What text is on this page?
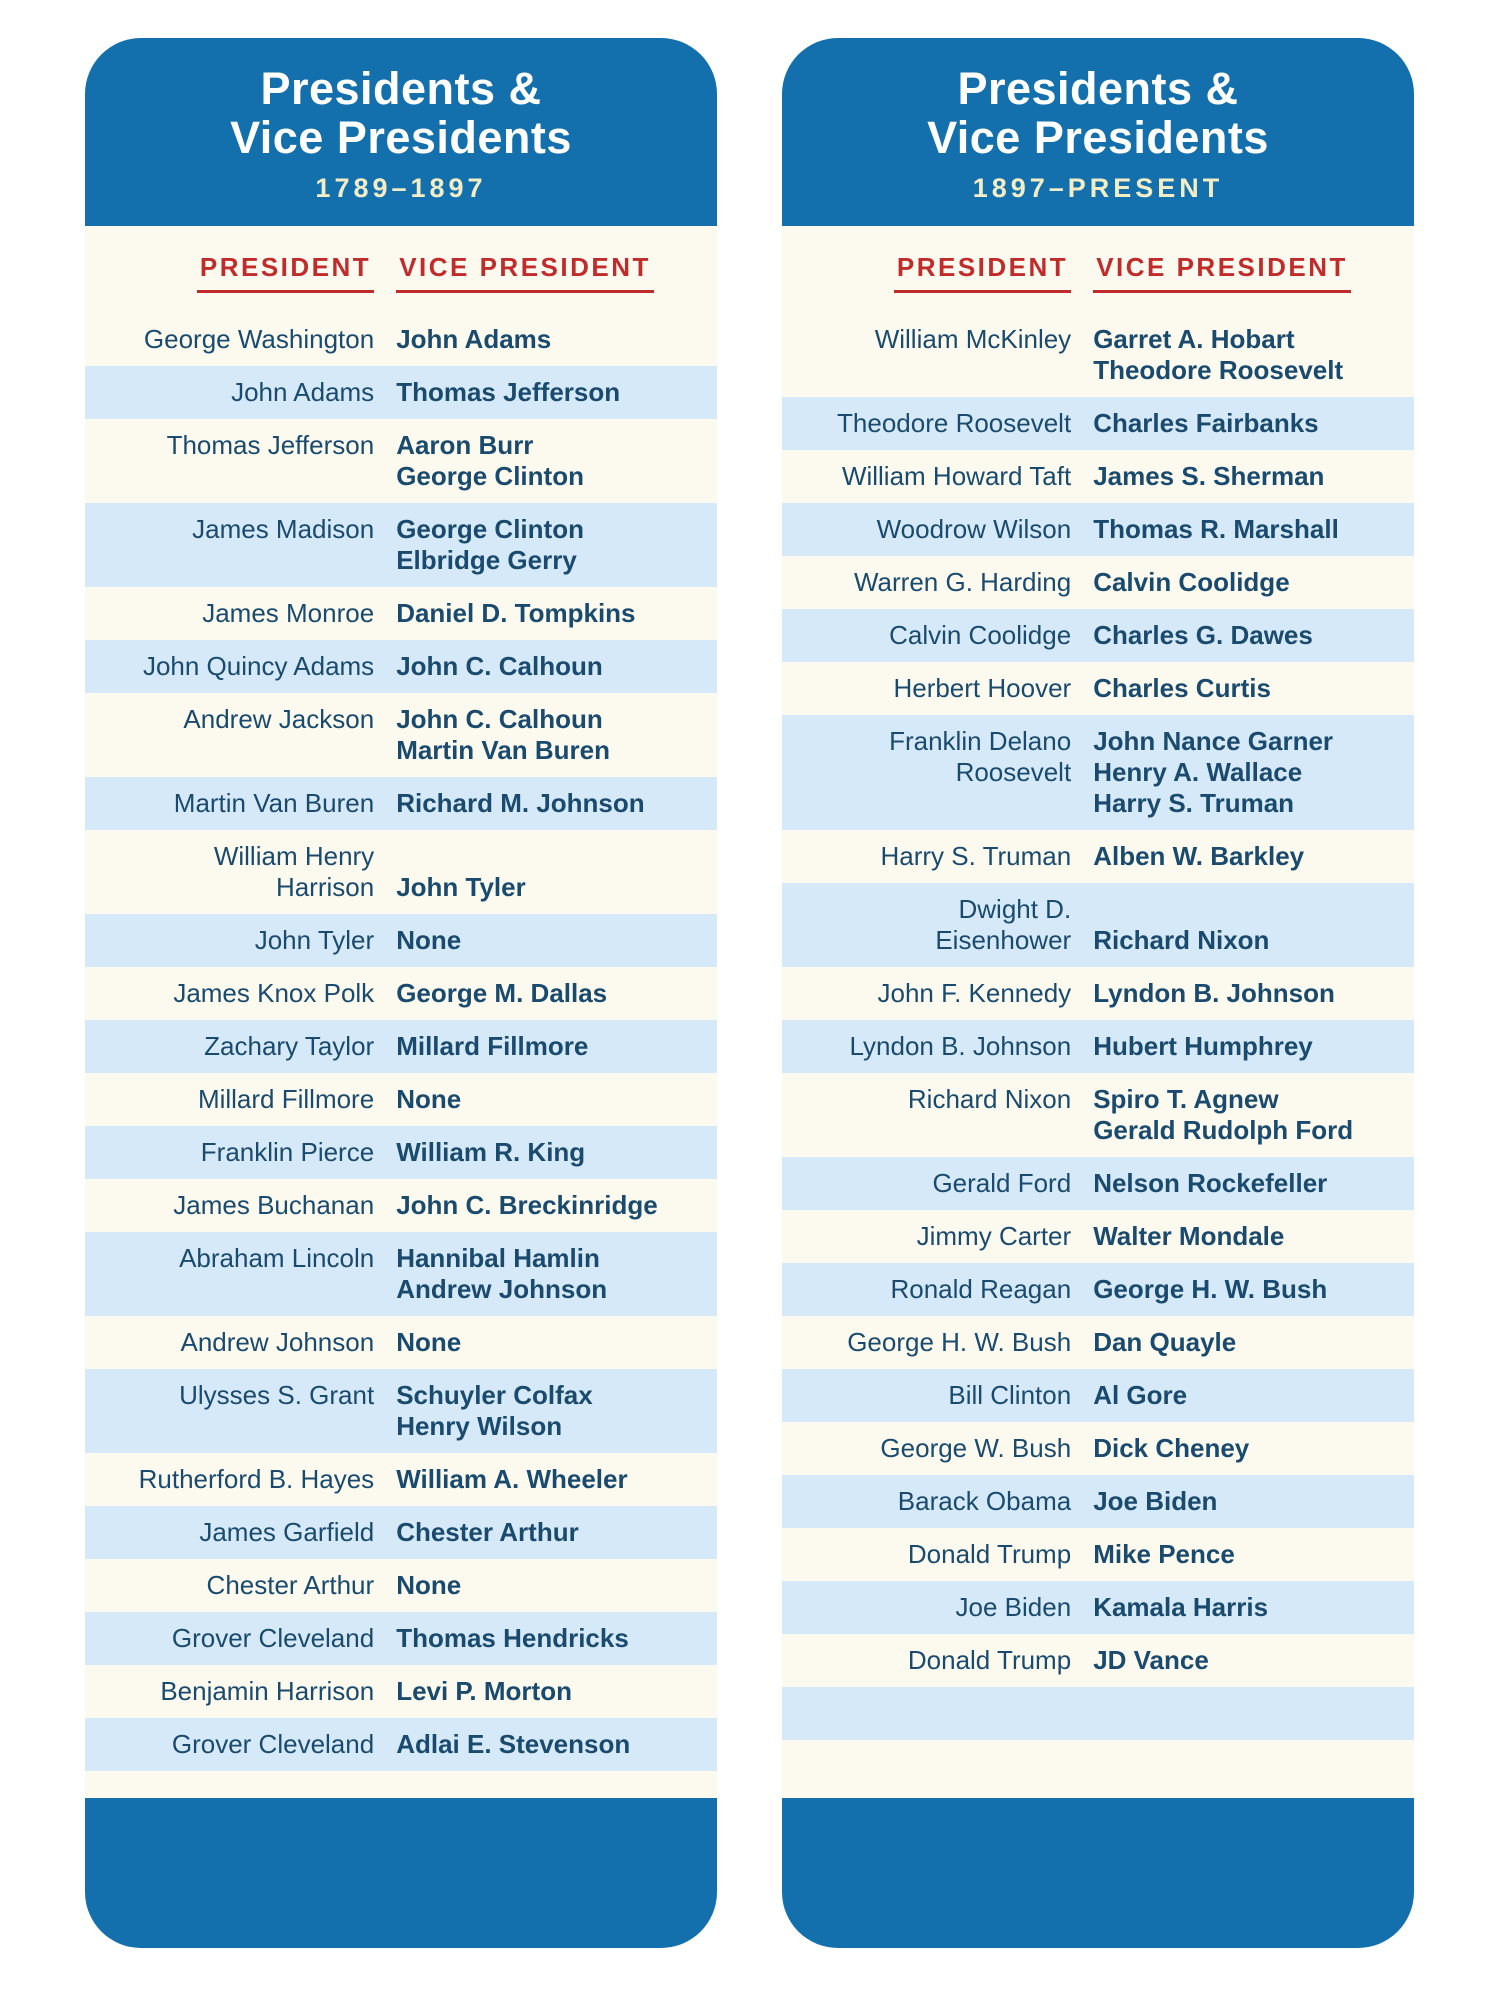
Presidents &
Vice Presidents
1789–1897
PRESIDENT	VICE PRESIDENT
George Washington John Adams
John Adams Thomas Jefferson
Thomas Jefferson Aaron Burr
George Clinton
James Madison George Clinton
Elbridge Gerry
James Monroe Daniel D. Tompkins
John Quincy Adams John C. Calhoun
Andrew Jackson John C. Calhoun
Martin Van Buren
Martin Van Buren Richard M. Johnson
William Henry
Harrison John Tyler
John Tyler None
James Knox Polk George M. Dallas
Zachary Taylor Millard Fillmore
Millard Fillmore None
Franklin Pierce William R. King
James Buchanan John C. Breckinridge
Abraham Lincoln Hannibal Hamlin
Andrew Johnson
Andrew Johnson None
Ulysses S. Grant Schuyler Colfax
Henry Wilson
Rutherford B. Hayes William A. Wheeler
James Garfield Chester Arthur
Chester Arthur None
Grover Cleveland Thomas Hendricks
Benjamin Harrison Levi P. Morton
Grover Cleveland Adlai E. Stevenson
Presidents &
Vice Presidents
1897–PRESENT
PRESIDENT	VICE PRESIDENT
William McKinley Garret A. Hobart
Theodore Roosevelt
Theodore Roosevelt Charles Fairbanks
William Howard Taft James S. Sherman
Woodrow Wilson Thomas R. Marshall
Warren G. Harding Calvin Coolidge
Calvin Coolidge Charles G. Dawes
Herbert Hoover Charles Curtis
Franklin Delano
Roosevelt
John Nance Garner
Henry A. Wallace
Harry S. Truman
Harry S. Truman Alben W. Barkley
Dwight D.
Eisenhower Richard Nixon
John F. Kennedy Lyndon B. Johnson
Lyndon B. Johnson Hubert Humphrey
Richard Nixon Spiro T. Agnew
Gerald Rudolph Ford
Gerald Ford Nelson Rockefeller
Jimmy Carter Walter Mondale
Ronald Reagan George H. W. Bush
George H. W. Bush Dan Quayle
Bill Clinton Al Gore
George W. Bush Dick Cheney
Barack Obama Joe Biden
Donald Trump Mike Pence
Joe Biden Kamala Harris
Donald Trump JD Vance
